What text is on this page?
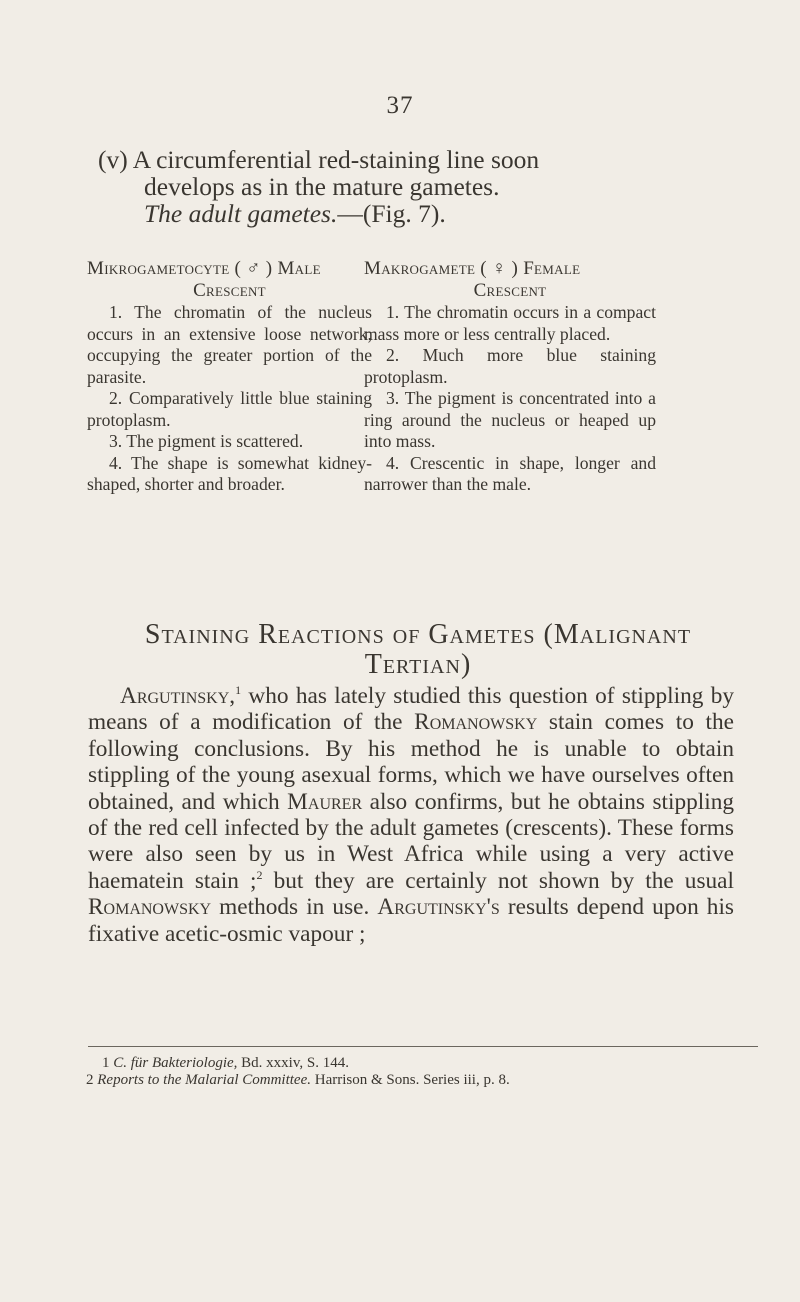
37
(v) A circumferential red-staining line soon
develops as in the mature gametes.
The adult gametes.—(Fig. 7).
Mikrogametocyte ( ♂ ) Male
Crescent

1. The chromatin of the nucleus occurs in an extensive loose network, occupying the greater portion of the parasite.

2. Comparatively little blue staining protoplasm.

3. The pigment is scattered.

4. The shape is somewhat kidney-shaped, shorter and broader.

Makrogamete ( ♀ ) Female
Crescent

1. The chromatin occurs in a compact mass more or less centrally placed.

2. Much more blue staining protoplasm.

3. The pigment is concentrated into a ring around the nucleus or heaped up into mass.

4. Crescentic in shape, longer and narrower than the male.

Staining Reactions of Gametes (Malignant
Tertian)

Argutinsky,$^1$ who has lately studied this question of stippling by means of a modification of the Romanowsky stain comes to the following conclusions. By his method he is unable to obtain stippling of the young asexual forms, which we have ourselves often obtained, and which Maurer also confirms, but he obtains stippling of the red cell infected by the adult gametes (crescents). These forms were also seen by us in West Africa while using a very active haematein stain ;$^2$ but they are certainly not shown by the usual Romanowsky methods in use. Argutinsky's results depend upon his fixative acetic-osmic vapour ;

1 C. für Bakteriologie, Bd. xxxiv, S. 144.
2 Reports to the Malarial Committee. Harrison & Sons. Series iii, p. 8.
